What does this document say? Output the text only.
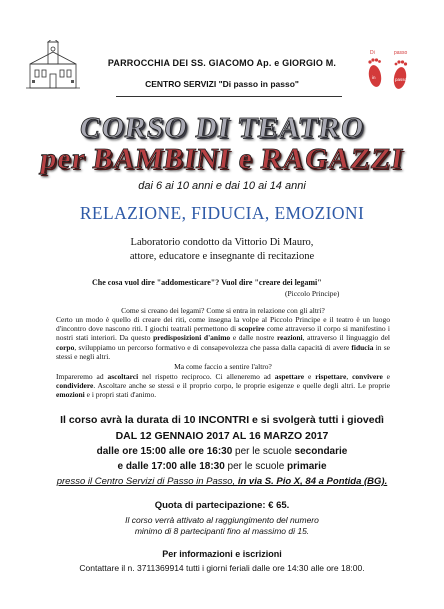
PARROCCHIA DEI SS. GIACOMO Ap. e GIORGIO M.
CENTRO SERVIZI "Di passo in passo"
Di	passo
in	passo
CORSO DI TEATRO
per BAMBINI e RAGAZZI
dai 6 ai 10 anni e dai 10 ai 14 anni
RELAZIONE, FIDUCIA, EMOZIONI
Laboratorio condotto da Vittorio Di Mauro,
attore, educatore e insegnante di recitazione
Che cosa vuol dire "addomesticare"? Vuol dire "creare dei legami"
(Piccolo Principe)
Come si creano dei legami? Come si entra in relazione con gli altri?
Certo un modo è quello di creare dei riti, come insegna la volpe al Piccolo Principe e il teatro è un luogo d'incontro dove nascono riti. I giochi teatrali permettono di scoprire come attraverso il corpo si manifestino i nostri stati interiori. Da questo predisposizioni d'animo e dalle nostre reazioni, attraverso il linguaggio del corpo, sviluppiamo un percorso formativo e di consapevolezza che passa dalla capacità di avere fiducia in se stessi e negli altri.
Ma come faccio a sentire l'altro?
Impareremo ad ascoltarci nel rispetto reciproco. Ci alleneremo ad aspettare e rispettare, convivere e condividere. Ascoltare anche se stessi e il proprio corpo, le proprie esigenze e quelle degli altri. Le proprie emozioni e i propri stati d'animo.
Il corso avrà la durata di 10 INCONTRI e si svolgerà tutti i giovedì
DAL 12 GENNAIO 2017 AL 16 MARZO 2017
dalle ore 15:00 alle ore 16:30 per le scuole secondarie
e dalle 17:00 alle 18:30 per le scuole primarie
presso il Centro Servizi di Passo in Passo, in via S. Pio X, 84 a Pontida (BG).
Quota di partecipazione: € 65.
Il corso verrà attivato al raggiungimento del numero
minimo di 8 partecipanti fino al massimo di 15.
Per informazioni e iscrizioni
Contattare il n. 3711369914 tutti i giorni feriali dalle ore 14:30 alle ore 18:00.
